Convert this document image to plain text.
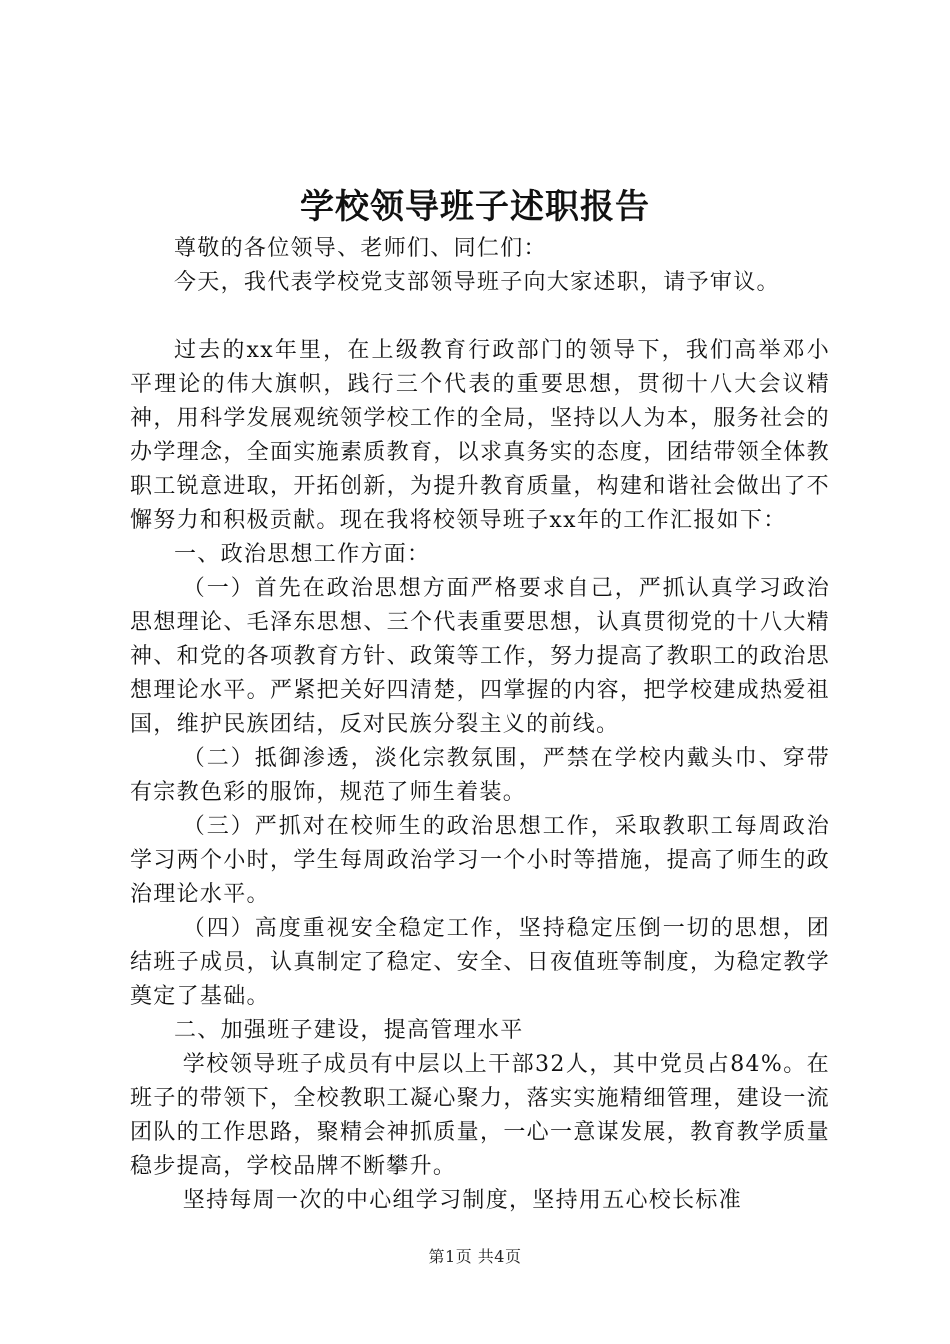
学校领导班子述职报告

尊敬的各位领导、老师们、同仁们：

今天，我代表学校党支部领导班子向大家述职，请予审议。

过去的xx年里，在上级教育行政部门的领导下，我们高举邓小平理论的伟大旗帜，践行三个代表的重要思想，贯彻十八大会议精神，用科学发展观统领学校工作的全局，坚持以人为本，服务社会的办学理念，全面实施素质教育，以求真务实的态度，团结带领全体教职工锐意进取，开拓创新，为提升教育质量，构建和谐社会做出了不懈努力和积极贡献。现在我将校领导班子xx年的工作汇报如下：

一、政治思想工作方面：

（一）首先在政治思想方面严格要求自己，严抓认真学习政治思想理论、毛泽东思想、三个代表重要思想，认真贯彻党的十八大精神、和党的各项教育方针、政策等工作，努力提高了教职工的政治思想理论水平。严紧把关好四清楚，四掌握的内容，把学校建成热爱祖国，维护民族团结，反对民族分裂主义的前线。

（二）抵御渗透，淡化宗教氛围，严禁在学校内戴头巾、穿带有宗教色彩的服饰，规范了师生着装。

（三）严抓对在校师生的政治思想工作，采取教职工每周政治学习两个小时，学生每周政治学习一个小时等措施，提高了师生的政治理论水平。

（四）高度重视安全稳定工作，坚持稳定压倒一切的思想，团结班子成员，认真制定了稳定、安全、日夜值班等制度，为稳定教学奠定了基础。

二、加强班子建设，提高管理水平

学校领导班子成员有中层以上干部32人，其中党员占84%。在班子的带领下，全校教职工凝心聚力，落实实施精细管理，建设一流团队的工作思路，聚精会神抓质量，一心一意谋发展，教育教学质量稳步提高，学校品牌不断攀升。

坚持每周一次的中心组学习制度，坚持用五心校长标准

第1页 共4页
